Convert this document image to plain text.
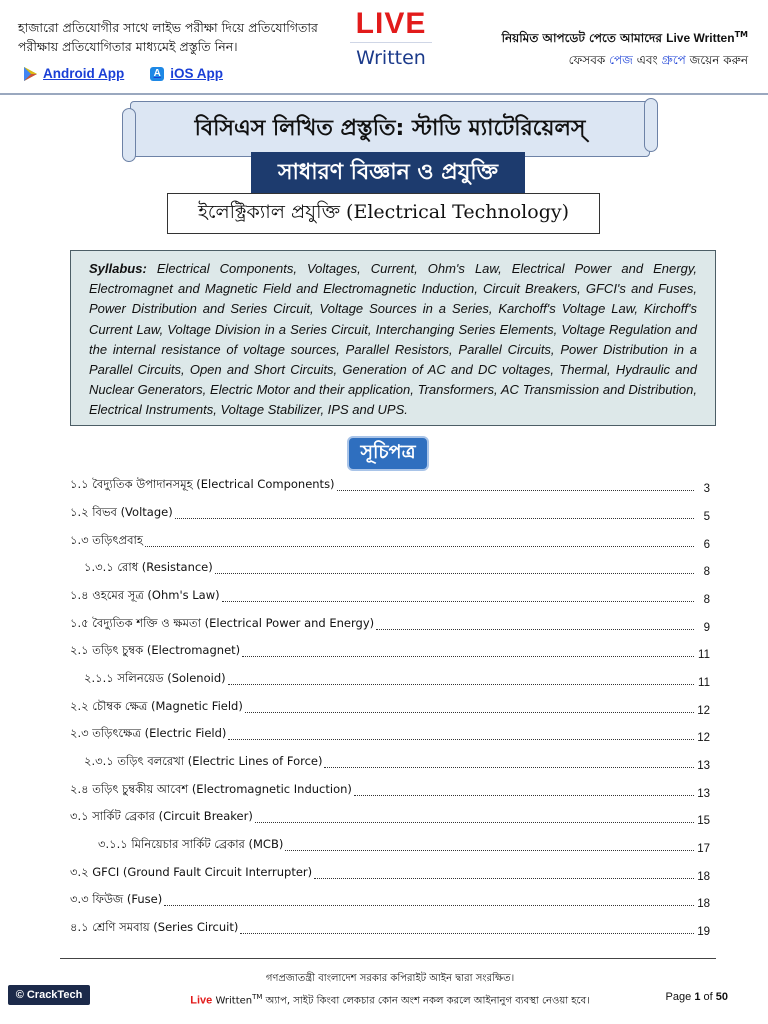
হাজারো প্রতিযোগীর সাথে লাইভ পরীক্ষা দিয়ে প্রতিযোগিতার পরীক্ষায় প্রতিযোগিতার মাধ্যমেই প্রস্তুতি নিন।
Android App	A iOS App
LIVE
Written
নিয়মিত আপডেট পেতে আমাদের Live Written™
ফেসবক পেজ এবং গ্রুপে জয়েন করুন
বিসিএস লিখিত প্রস্তুতি: স্টাডি ম্যাটেরিয়েলস্
সাধারণ বিজ্ঞান ও প্রযুক্তি
ইলেক্ট্রিক্যাল প্রযুক্তি (Electrical Technology)
Syllabus: Electrical Components, Voltages, Current, Ohm's Law, Electrical Power and Energy, Electromagnet and Magnetic Field and Electromagnetic Induction, Circuit Breakers, GFCI's and Fuses, Power Distribution and Series Circuit, Voltage Sources in a Series, Karchoff's Voltage Law, Kirchoff's Current Law, Voltage Division in a Series Circuit, Interchanging Series Elements, Voltage Regulation and the internal resistance of voltage sources, Parallel Resistors, Parallel Circuits, Power Distribution in a Parallel Circuits, Open and Short Circuits, Generation of AC and DC voltages, Thermal, Hydraulic and Nuclear Generators, Electric Motor and their application, Transformers, AC Transmission and Distribution, Electrical Instruments, Voltage Stabilizer, IPS and UPS.
সূচিপত্র
১.১ বৈদ্যুতিক উপাদানসমূহ (Electrical Components)	3
১.২ বিভব (Voltage)	5
১.৩ তড়িৎপ্রবাহ	6
১.৩.১ রোধ (Resistance)	8
১.৪ ওহমের সূত্র (Ohm's Law)	8
১.৫ বৈদ্যুতিক শক্তি ও ক্ষমতা (Electrical Power and Energy)	9
২.১ তড়িৎ চুম্বক (Electromagnet)	11
২.১.১ সলিনয়েড (Solenoid)	11
২.২ চৌম্বক ক্ষেত্র (Magnetic Field)	12
২.৩ তড়িৎক্ষেত্র (Electric Field)	12
২.৩.১ তড়িৎ বলরেখা (Electric Lines of Force)	13
২.৪ তড়িৎ চুম্বকীয় আবেশ (Electromagnetic Induction)	13
৩.১ সার্কিট ব্রেকার (Circuit Breaker)	15
৩.১.১ মিনিয়েচার সার্কিট ব্রেকার (MCB)	17
৩.২ GFCI (Ground Fault Circuit Interrupter)	18
৩.৩ ফিউজ (Fuse)	18
৪.১ শ্রেণি সমবায় (Series Circuit)	19
গণপ্রজাতন্ত্রী বাংলাদেশ সরকার কপিরাইট আইন দ্বারা সংরক্ষিত।
Live Written™ অ্যাপ, সাইট কিংবা লেকচার কোন অংশ নকল করলে আইনানুগ ব্যবস্থা নেওয়া হবে।
© CrackTech	Page 1 of 50
